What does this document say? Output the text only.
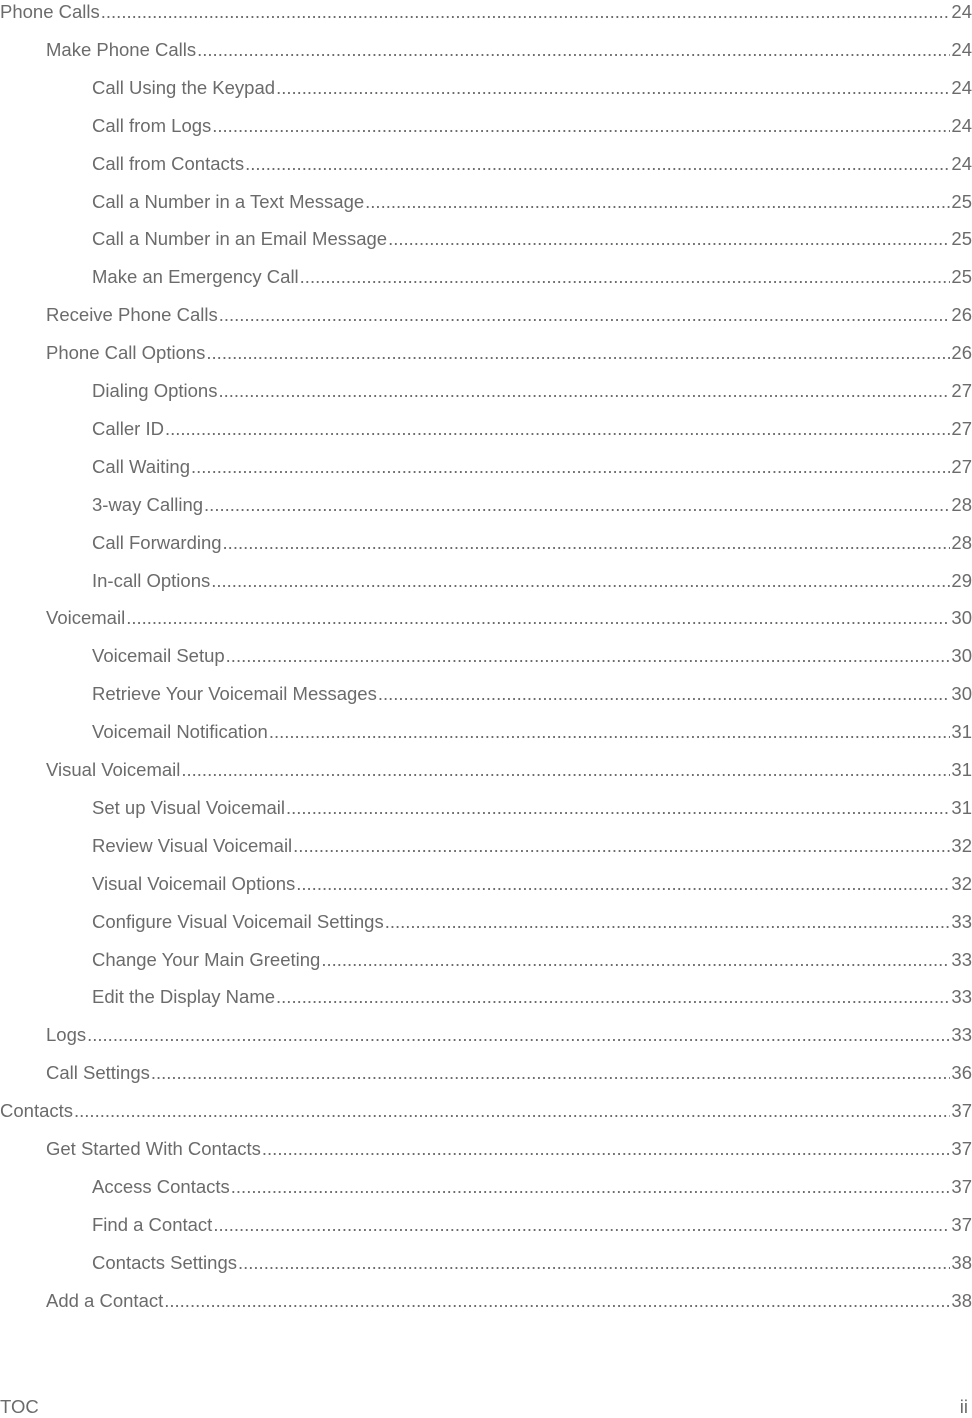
Phone Calls .....	24
Make Phone Calls .....	24
Call Using the Keypad .....	24
Call from Logs .....	24
Call from Contacts .....	24
Call a Number in a Text Message .....	25
Call a Number in an Email Message .....	25
Make an Emergency Call .....	25
Receive Phone Calls .....	26
Phone Call Options .....	26
Dialing Options .....	27
Caller ID .....	27
Call Waiting .....	27
3-way Calling .....	28
Call Forwarding .....	28
In-call Options .....	29
Voicemail .....	30
Voicemail Setup .....	30
Retrieve Your Voicemail Messages .....	30
Voicemail Notification .....	31
Visual Voicemail .....	31
Set up Visual Voicemail .....	31
Review Visual Voicemail .....	32
Visual Voicemail Options .....	32
Configure Visual Voicemail Settings .....	33
Change Your Main Greeting .....	33
Edit the Display Name .....	33
Logs .....	33
Call Settings .....	36
Contacts .....	37
Get Started With Contacts .....	37
Access Contacts .....	37
Find a Contact .....	37
Contacts Settings .....	38
Add a Contact .....	38
TOC	ii
